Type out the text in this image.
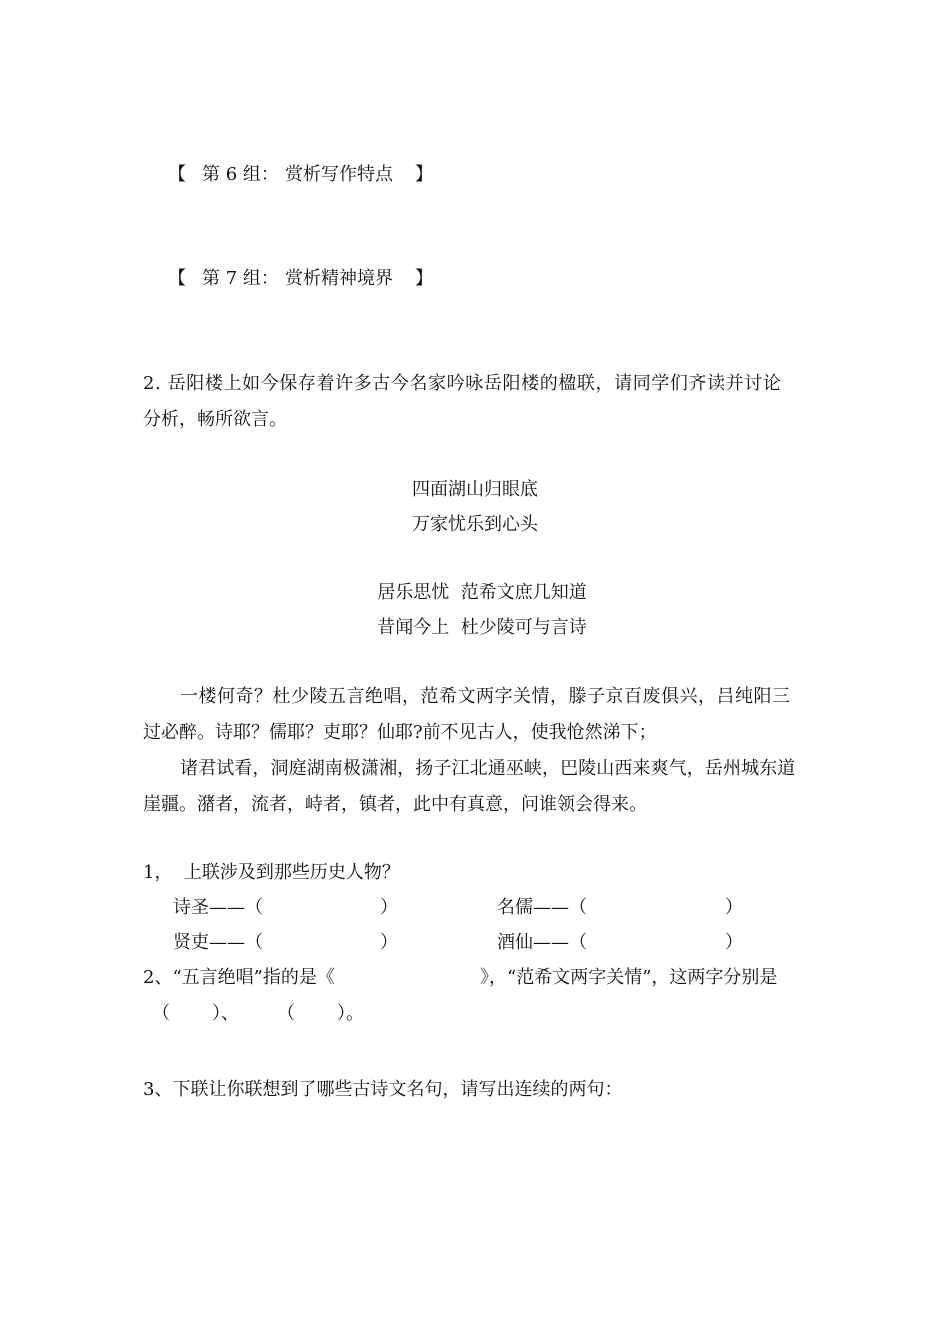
【 第 6 组： 赏析写作特点 】
【 第 7 组： 赏析精神境界 】
2. 岳阳楼上如今保存着许多古今名家吟咏岳阳楼的楹联，请同学们齐读并讨论
分析，畅所欲言。
四面湖山归眼底
万家忧乐到心头
居乐思忧  范希文庶几知道
昔闻今上  杜少陵可与言诗
一楼何奇？杜少陵五言绝唱，范希文两字关情，滕子京百废俱兴，吕纯阳三
过必醉。诗耶？儒耶？吏耶？仙耶?前不见古人，使我怆然涕下；
诸君试看，洞庭湖南极潇湘，扬子江北通巫峡，巴陵山西来爽气，岳州城东道
崖疆。潴者，流者，峙者，镇者，此中有真意，问谁领会得来。
1，  上联涉及到那些历史人物？
诗圣——（	）	名儒——（	）
贤吏——（	）	酒仙——（	）
2、“五言绝唱”指的是《	》，“范希文两字关情”，这两字分别是
（ ）、 （ ）。
3、下联让你联想到了哪些古诗文名句，请写出连续的两句：
